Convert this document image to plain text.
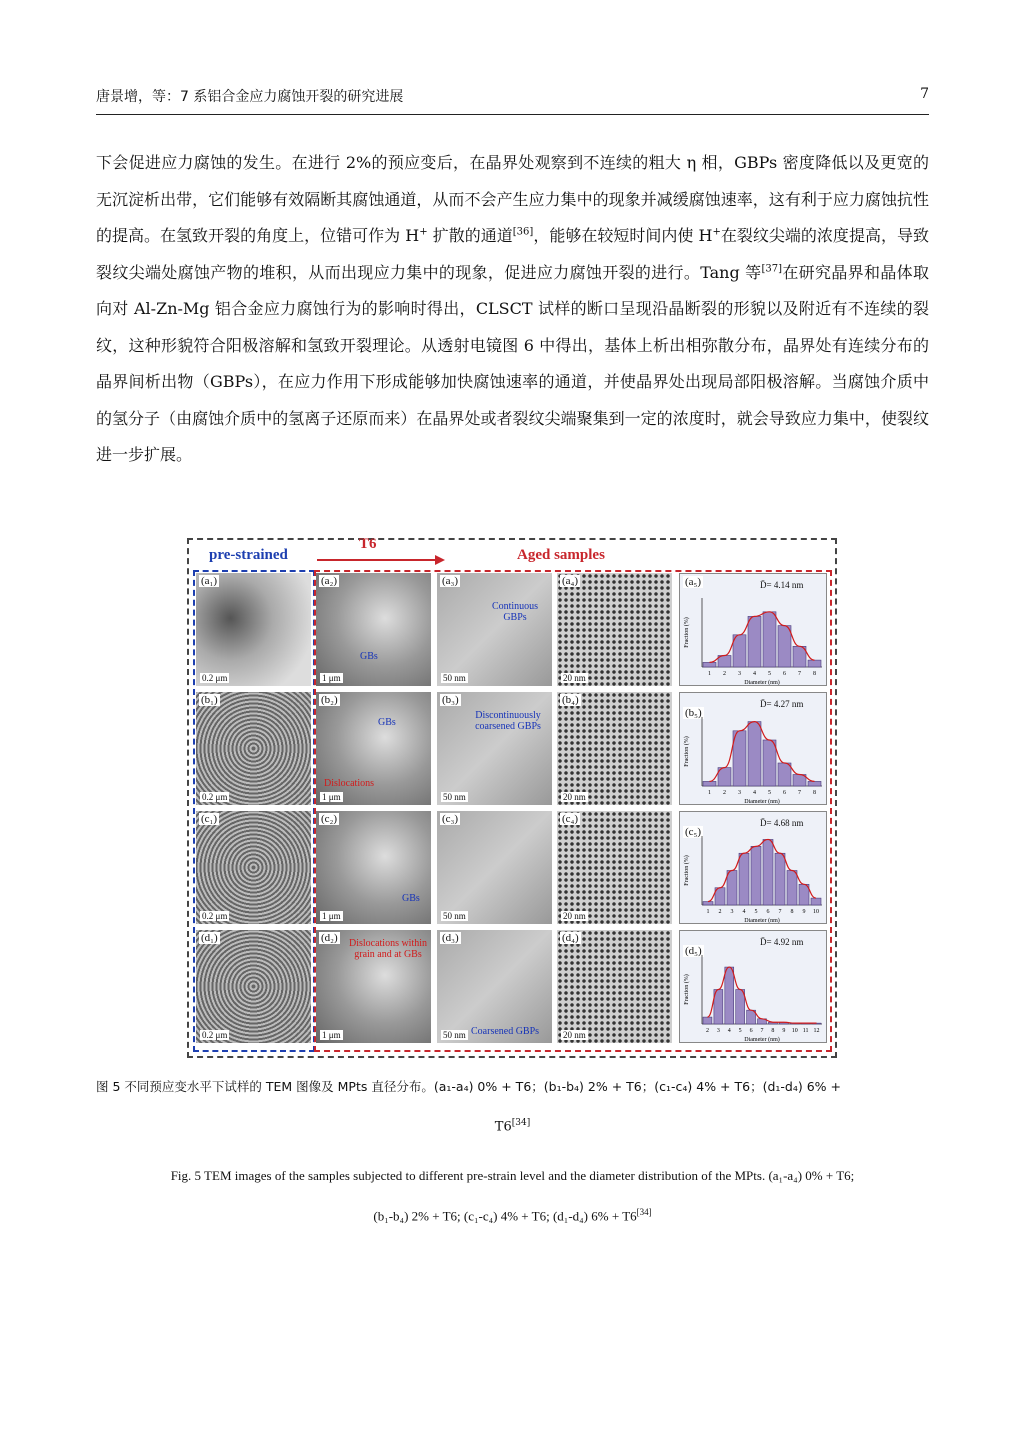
唐景增，等：7 系铝合金应力腐蚀开裂的研究进展	7
下会促进应力腐蚀的发生。在进行 2%的预应变后，在晶界处观察到不连续的粗大 η 相，GBPs 密度降低以及更宽的无沉淀析出带，它们能够有效隔断其腐蚀通道，从而不会产生应力集中的现象并减缓腐蚀速率，这有利于应力腐蚀抗性的提高。在氢致开裂的角度上，位错可作为 H+ 扩散的通道[36]，能够在较短时间内使 H+在裂纹尖端的浓度提高，导致裂纹尖端处腐蚀产物的堆积，从而出现应力集中的现象，促进应力腐蚀开裂的进行。Tang 等[37]在研究晶界和晶体取向对 Al-Zn-Mg 铝合金应力腐蚀行为的影响时得出，CLSCT 试样的断口呈现沿晶断裂的形貌以及附近有不连续的裂纹，这种形貌符合阳极溶解和氢致开裂理论。从透射电镜图 6 中得出，基体上析出相弥散分布，晶界处有连续分布的晶界间析出物（GBPs），在应力作用下形成能够加快腐蚀速率的通道，并使晶界处出现局部阳极溶解。当腐蚀介质中的氢分子（由腐蚀介质中的氢离子还原而来）在晶界处或者裂纹尖端聚集到一定的浓度时，就会导致应力集中，使裂纹进一步扩展。
pre-strained
T6
Aged samples
(a₁)
0.2 μm
(a₂)
GBs
1 μm
(a₃)
Continuous GBPs
50 nm
(a₄)
20 nm
(a₅)	D̄= 4.14 nm
1 2 3 4 5 6 7 8
Diameter (nm)
Fraction (%)
(b₁)
0.2 μm
(b₂)
GBs
Dislocations
1 μm
(b₃)
Discontinuously coarsened GBPs
50 nm
(b₄)
20 nm
(b₅)
D̄= 4.27 nm
1 2 3 4 5 6 7 8
Diameter (nm)
Fraction (%)
(c₁)
0.2 μm
(c₂)
GBs
1 μm
(c₃)
50 nm
(c₄)
20 nm
(c₅)
D̄= 4.68 nm
1 2 3 4 5 6 7 8 9 10
Diameter (nm)
Fraction (%)
(d₁)
0.2 μm
(d₂) Dislocations within grain and at GBs
1 μm
(d₃)
Coarsened GBPs
50 nm
(d₄)
20 nm
(d₅)
D̄= 4.92 nm
2 3 4 5 6 7 8 9 10 11 12
Diameter (nm)
Fraction (%)
图 5 不同预应变水平下试样的 TEM 图像及 MPts 直径分布。(a₁-a₄) 0% + T6；(b₁-b₄) 2% + T6；(c₁-c₄) 4% + T6；(d₁-d₄) 6% +
T6[34]
Fig. 5 TEM images of the samples subjected to different pre-strain level and the diameter distribution of the MPts. (a₁-a₄) 0% + T6;
(b₁-b₄) 2% + T6; (c₁-c₄) 4% + T6; (d₁-d₄) 6% + T6[34]
